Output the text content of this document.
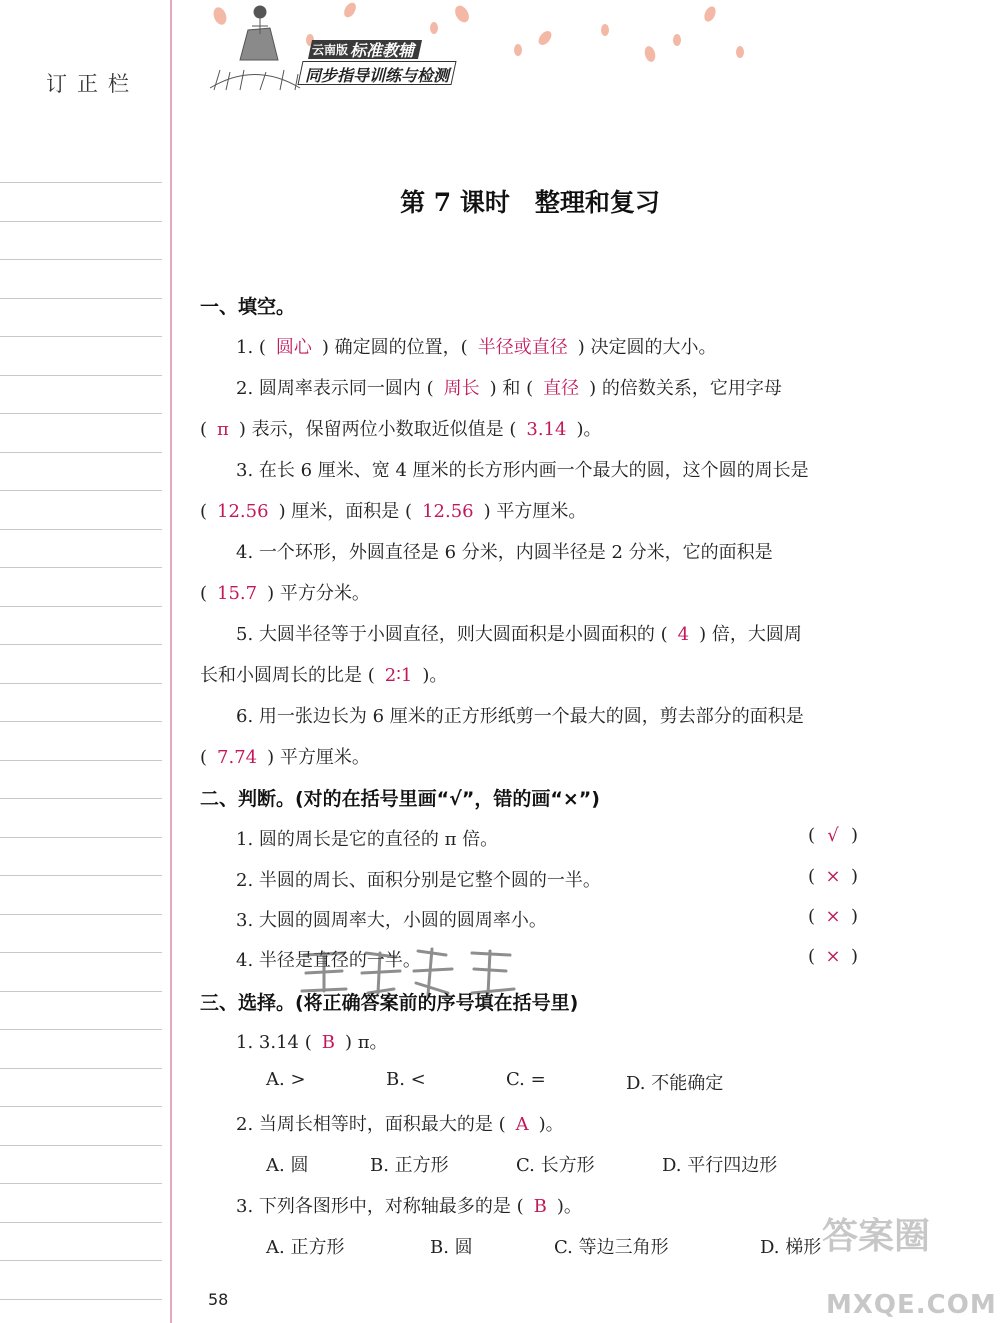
订正栏
云南版 标准教辅
同步指导训练与检测
第 7 课时　整理和复习
一、填空。
1. ( 圆心 ) 确定圆的位置，( 半径或直径 ) 决定圆的大小。
2. 圆周率表示同一圆内 ( 周长 ) 和 ( 直径 ) 的倍数关系，它用字母
( π ) 表示，保留两位小数取近似值是 ( 3.14 )。
3. 在长 6 厘米、宽 4 厘米的长方形内画一个最大的圆，这个圆的周长是
( 12.56 ) 厘米，面积是 ( 12.56 ) 平方厘米。
4. 一个环形，外圆直径是 6 分米，内圆半径是 2 分米，它的面积是
( 15.7 ) 平方分米。
5. 大圆半径等于小圆直径，则大圆面积是小圆面积的 ( 4 ) 倍，大圆周
长和小圆周长的比是 ( 2∶1 )。
6. 用一张边长为 6 厘米的正方形纸剪一个最大的圆，剪去部分的面积是
( 7.74 ) 平方厘米。
二、判断。(对的在括号里画“√”，错的画“×”)
1. 圆的周长是它的直径的 π 倍。	( √ )
2. 半圆的周长、面积分别是它整个圆的一半。	( × )
3. 大圆的圆周率大，小圆的圆周率小。	( × )
4. 半径是直径的一半。	( × )
三、选择。(将正确答案前的序号填在括号里)
1. 3.14 ( B ) π。
A. >	B. <	C. =	D. 不能确定
2. 当周长相等时，面积最大的是 ( A )。
A. 圆	B. 正方形	C. 长方形	D. 平行四边形
3. 下列各图形中，对称轴最多的是 ( B )。
A. 正方形	B. 圆	C. 等边三角形	D. 梯形
58
答案圈
MXQE.COM
